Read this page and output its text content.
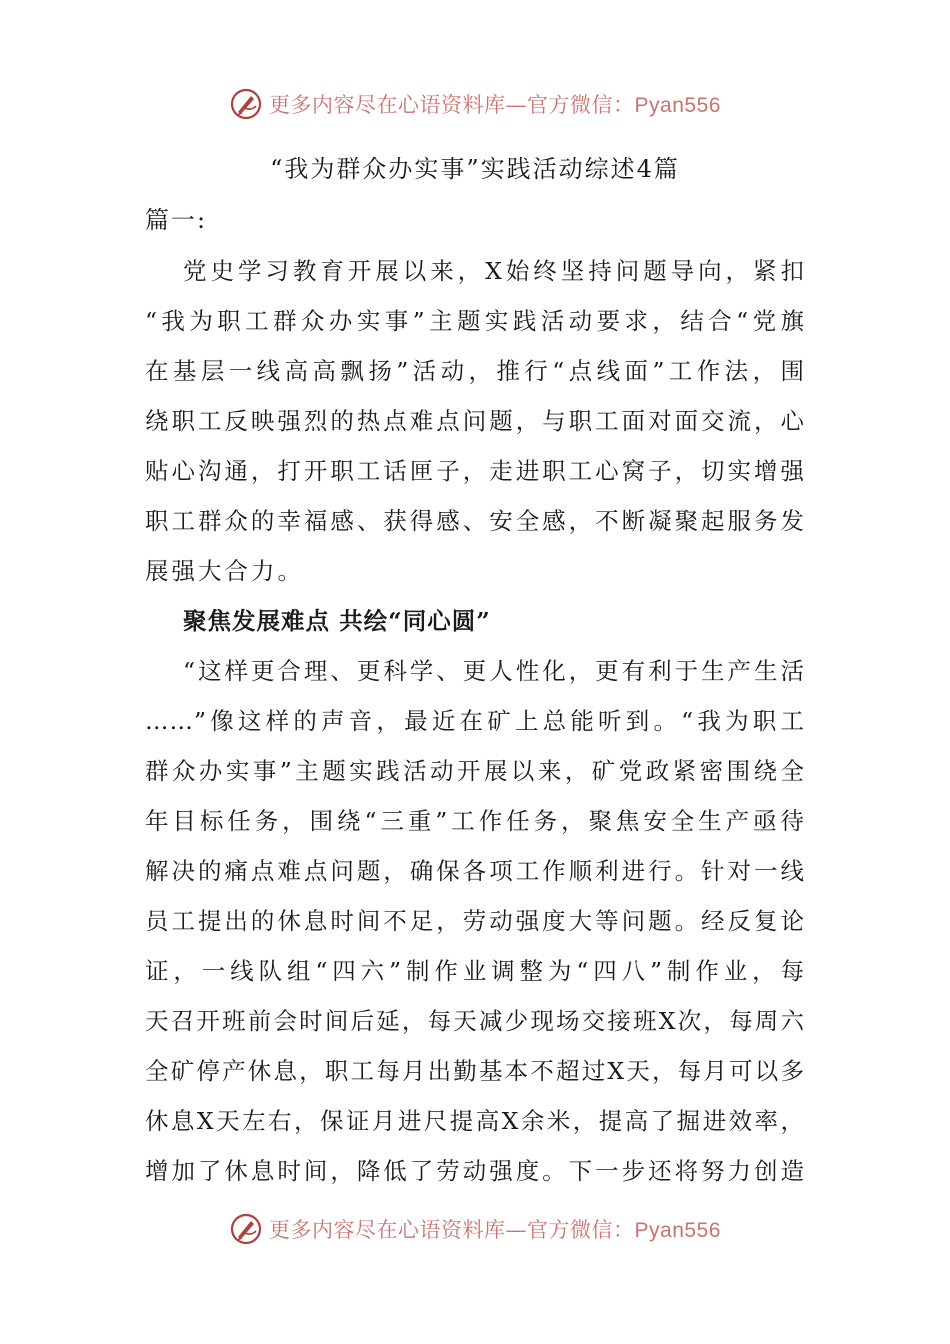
更多内容尽在心语资料库—官方微信：Pyan556
“我为群众办实事”实践活动综述4篇
篇一:
党史学习教育开展以来，X始终坚持问题导向，紧扣
“我为职工群众办实事”主题实践活动要求，结合“党旗
在基层一线高高飘扬”活动，推行“点线面”工作法，围
绕职工反映强烈的热点难点问题，与职工面对面交流，心
贴心沟通，打开职工话匣子，走进职工心窝子，切实增强
职工群众的幸福感、获得感、安全感，不断凝聚起服务发
展强大合力。
聚焦发展难点 共绘“同心圆”
“这样更合理、更科学、更人性化，更有利于生产生活
……”像这样的声音，最近在矿上总能听到。“我为职工
群众办实事”主题实践活动开展以来，矿党政紧密围绕全
年目标任务，围绕“三重”工作任务，聚焦安全生产亟待
解决的痛点难点问题，确保各项工作顺利进行。针对一线
员工提出的休息时间不足，劳动强度大等问题。经反复论
证，一线队组“四六”制作业调整为“四八”制作业，每
天召开班前会时间后延，每天减少现场交接班X次，每周六
全矿停产休息，职工每月出勤基本不超过X天，每月可以多
休息X天左右，保证月进尺提高X余米，提高了掘进效率，
增加了休息时间，降低了劳动强度。下一步还将努力创造
更多内容尽在心语资料库—官方微信：Pyan556
